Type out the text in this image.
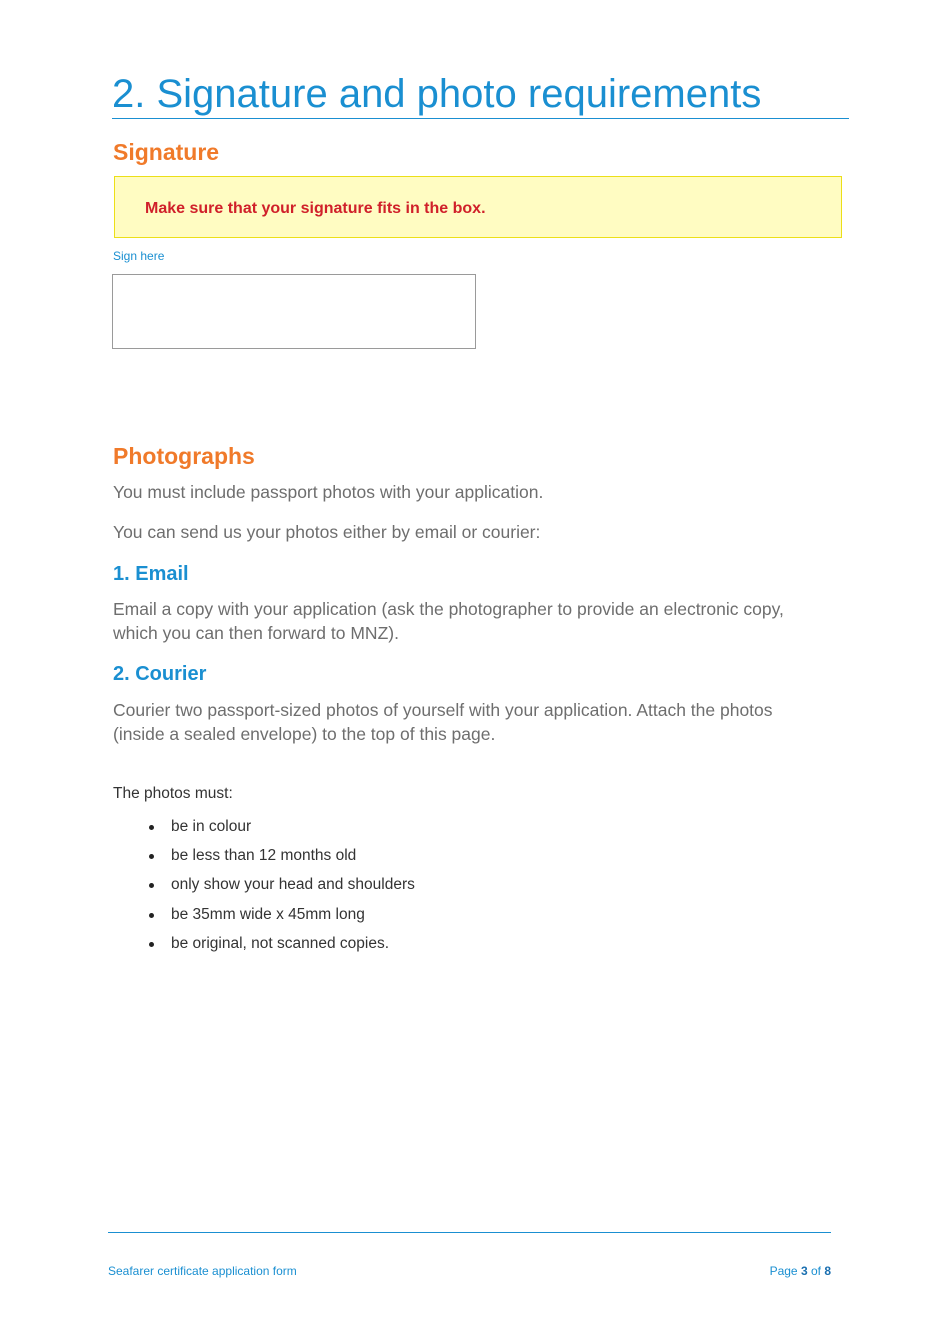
2. Signature and photo requirements
Signature
Make sure that your signature fits in the box.
Sign here
Photographs

You must include passport photos with your application.

You can send us your photos either by email or courier:

1. Email

Email a copy with your application (ask the photographer to provide an electronic copy, which you can then forward to MNZ).

2. Courier

Courier two passport-sized photos of yourself with your application. Attach the photos (inside a sealed envelope) to the top of this page.

The photos must:

be in colour
be less than 12 months old
only show your head and shoulders
be 35mm wide x 45mm long
be original, not scanned copies.
Seafarer certificate application form	Page 3 of 8
